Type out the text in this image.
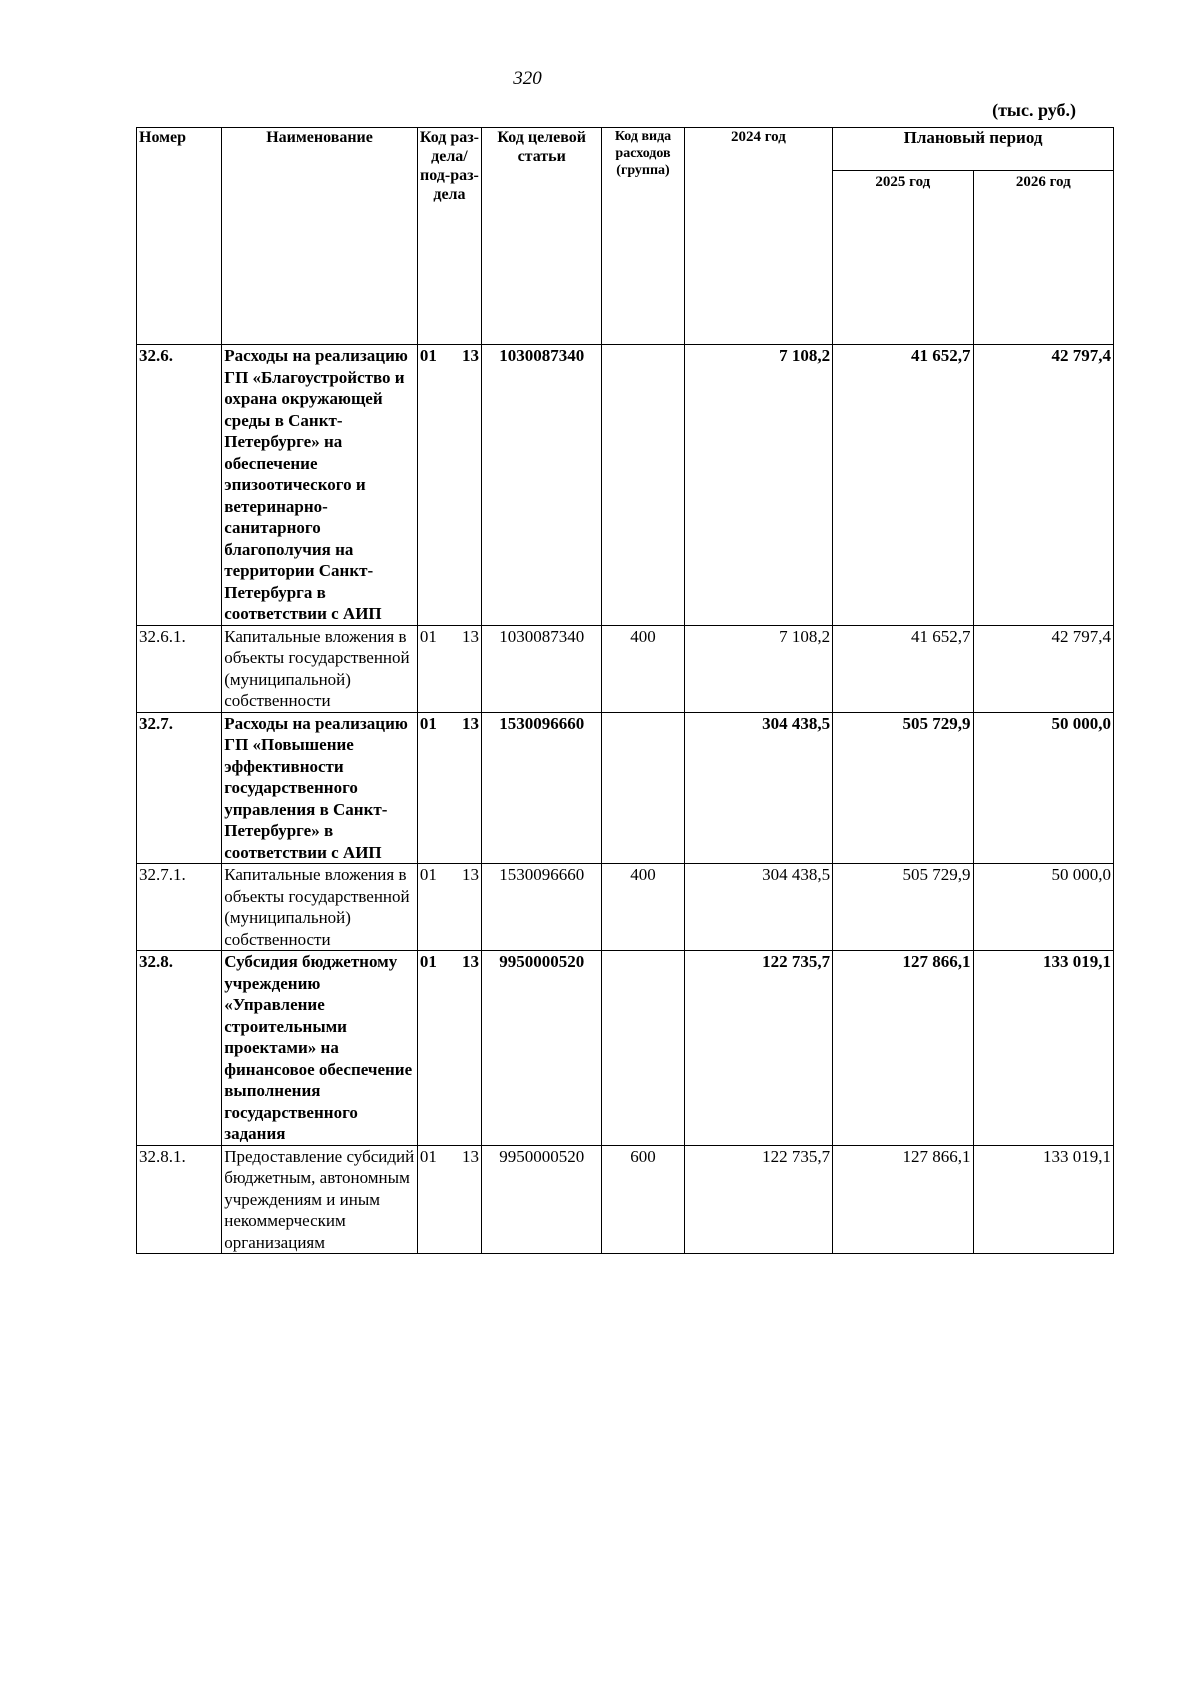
320
(тыс. руб.)
Номер	Наименование	Код раз-дела/ под-раз-дела	Код целевой статьи	Код вида расходов (группа)	2024 год	Плановый период	
						2025 год	2026 год
32.6.	Расходы на реализацию ГП «Благоустройство и охрана окружающей среды в Санкт-Петербурге» на обеспечение эпизоотического и ветеринарно-санитарного благополучия на территории Санкт-Петербурга в соответствии с АИП	01 13	1030087340		7 108,2	41 652,7	42 797,4
32.6.1.	Капитальные вложения в объекты государственной (муниципальной) собственности	01 13	1030087340	400	7 108,2	41 652,7	42 797,4
32.7.	Расходы на реализацию ГП «Повышение эффективности государственного управления в Санкт-Петербурге» в соответствии с АИП	01 13	1530096660		304 438,5	505 729,9	50 000,0
32.7.1.	Капитальные вложения в объекты государственной (муниципальной) собственности	01 13	1530096660	400	304 438,5	505 729,9	50 000,0
32.8.	Субсидия бюджетному учреждению «Управление строительными проектами» на финансовое обеспечение выполнения государственного задания	01 13	9950000520		122 735,7	127 866,1	133 019,1
32.8.1.	Предоставление субсидий бюджетным, автономным учреждениям и иным некоммерческим организациям	01 13	9950000520	600	122 735,7	127 866,1	133 019,1
